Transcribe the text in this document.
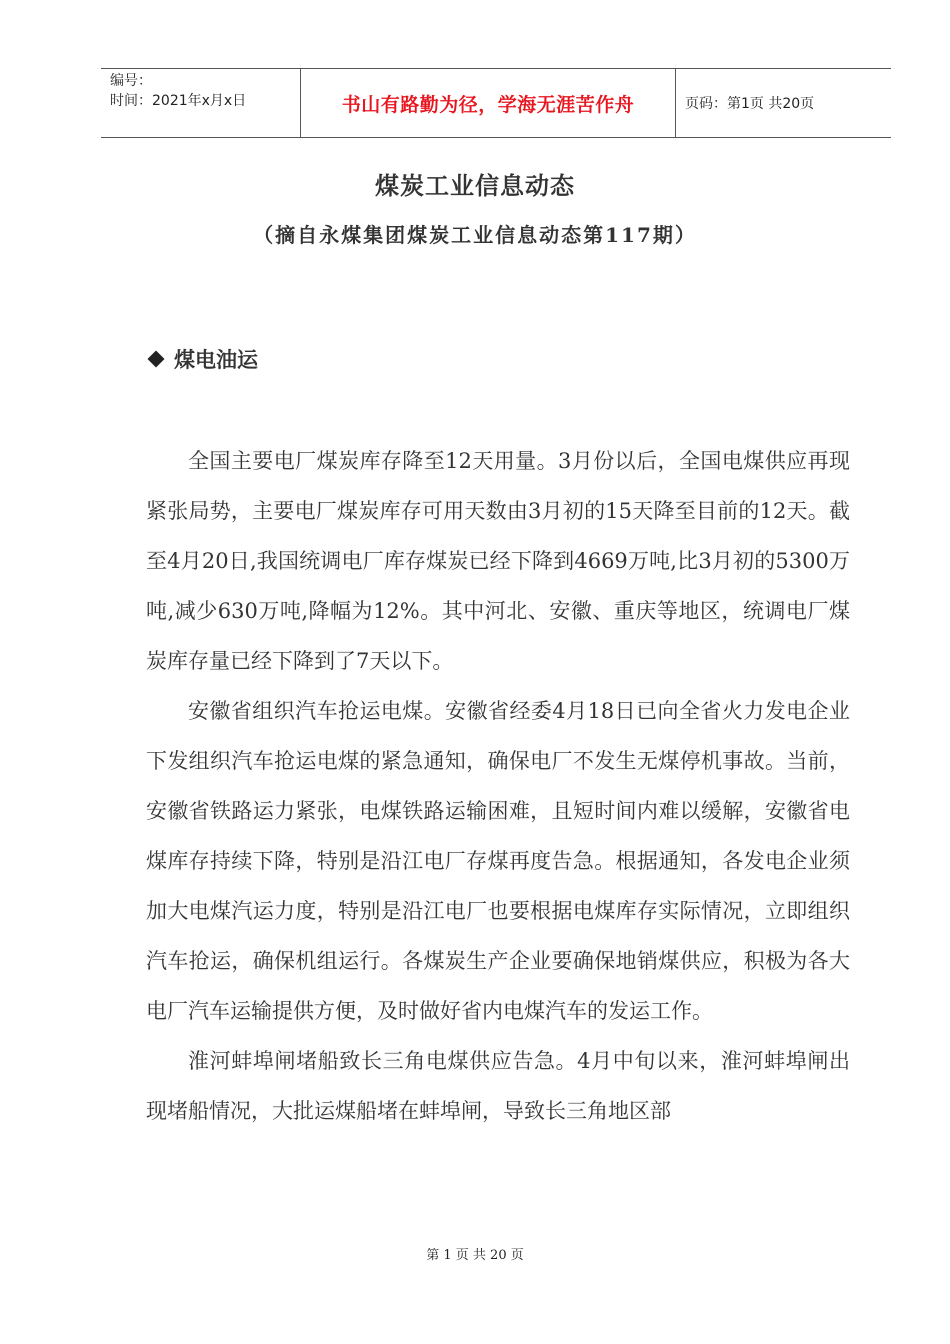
编号：
时间：2021年x月x日	书山有路勤为径，学海无涯苦作舟	页码：第1页 共20页
煤炭工业信息动态
（摘自永煤集团煤炭工业信息动态第117期）
煤电油运

全国主要电厂煤炭库存降至12天用量。3月份以后，全国电煤供应再现紧张局势，主要电厂煤炭库存可用天数由3月初的15天降至目前的12天。截至4月20日,我国统调电厂库存煤炭已经下降到4669万吨,比3月初的5300万吨,减少630万吨,降幅为12%。其中河北、安徽、重庆等地区，统调电厂煤炭库存量已经下降到了7天以下。

安徽省组织汽车抢运电煤。安徽省经委4月18日已向全省火力发电企业下发组织汽车抢运电煤的紧急通知，确保电厂不发生无煤停机事故。当前，安徽省铁路运力紧张，电煤铁路运输困难，且短时间内难以缓解，安徽省电煤库存持续下降，特别是沿江电厂存煤再度告急。根据通知，各发电企业须加大电煤汽运力度，特别是沿江电厂也要根据电煤库存实际情况，立即组织汽车抢运，确保机组运行。各煤炭生产企业要确保地销煤供应，积极为各大电厂汽车运输提供方便，及时做好省内电煤汽车的发运工作。

淮河蚌埠闸堵船致长三角电煤供应告急。4月中旬以来，淮河蚌埠闸出现堵船情况，大批运煤船堵在蚌埠闸，导致长三角地区部

第 1 页 共 20 页
